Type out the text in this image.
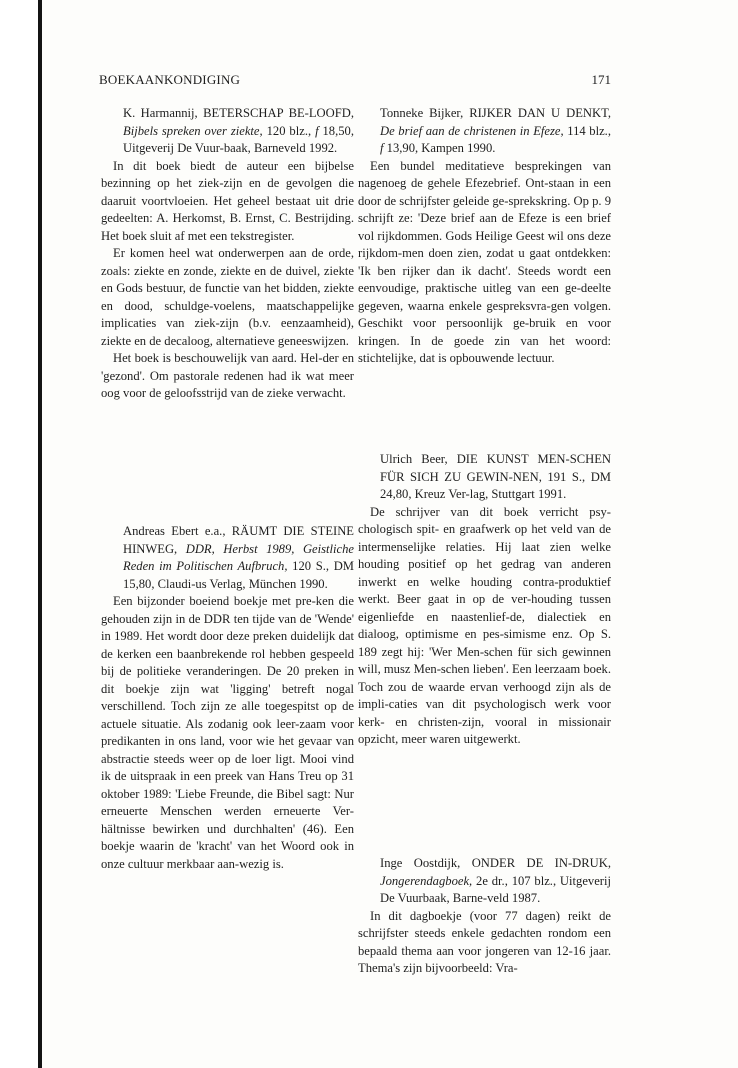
BOEKAANKONDIGING	171
K. Harmannij, BETERSCHAP BE-LOOFD, Bijbels spreken over ziekte, 120 blz., f 18,50, Uitgeverij De Vuur-baak, Barneveld 1992.

In dit boek biedt de auteur een bijbelse bezinning op het ziek-zijn en de gevolgen die daaruit voortvloeien. Het geheel bestaat uit drie gedeelten: A. Herkomst, B. Ernst, C. Bestrijding. Het boek sluit af met een tekstregister.

Er komen heel wat onderwerpen aan de orde, zoals: ziekte en zonde, ziekte en de duivel, ziekte en Gods bestuur, de functie van het bidden, ziekte en dood, schuldge-voelens, maatschappelijke implicaties van ziek-zijn (b.v. eenzaamheid), ziekte en de decaloog, alternatieve geneeswijzen.

Het boek is beschouwelijk van aard. Hel-der en 'gezond'. Om pastorale redenen had ik wat meer oog voor de geloofsstrijd van de zieke verwacht.

Andreas Ebert e.a., RÄUMT DIE STEINE HINWEG, DDR, Herbst 1989, Geistliche Reden im Politischen Aufbruch, 120 S., DM 15,80, Claudi-us Verlag, München 1990.

Een bijzonder boeiend boekje met pre-ken die gehouden zijn in de DDR ten tijde van de 'Wende' in 1989. Het wordt door deze preken duidelijk dat de kerken een baanbrekende rol hebben gespeeld bij de politieke veranderingen. De 20 preken in dit boekje zijn wat 'ligging' betreft nogal verschillend. Toch zijn ze alle toegespitst op de actuele situatie. Als zodanig ook leer-zaam voor predikanten in ons land, voor wie het gevaar van abstractie steeds weer op de loer ligt. Mooi vind ik de uitspraak in een preek van Hans Treu op 31 oktober 1989: 'Liebe Freunde, die Bibel sagt: Nur erneuerte Menschen werden erneuerte Ver-hältnisse bewirken und durchhalten' (46). Een boekje waarin de 'kracht' van het Woord ook in onze cultuur merkbaar aan-wezig is.

Tonneke Bijker, RIJKER DAN U DENKT, De brief aan de christenen in Efeze, 114 blz., f 13,90, Kampen 1990.

Een bundel meditatieve besprekingen van nagenoeg de gehele Efezebrief. Ont-staan in een door de schrijfster geleide ge-sprekskring. Op p. 9 schrijft ze: 'Deze brief aan de Efeze is een brief vol rijkdommen. Gods Heilige Geest wil ons deze rijkdom-men doen zien, zodat u gaat ontdekken: 'Ik ben rijker dan ik dacht'. Steeds wordt een eenvoudige, praktische uitleg van een ge-deelte gegeven, waarna enkele gespreksvra-gen volgen. Geschikt voor persoonlijk ge-bruik en voor kringen. In de goede zin van het woord: stichtelijke, dat is opbouwende lectuur.

Ulrich Beer, DIE KUNST MEN-SCHEN FÜR SICH ZU GEWIN-NEN, 191 S., DM 24,80, Kreuz Ver-lag, Stuttgart 1991.

De schrijver van dit boek verricht psy-chologisch spit- en graafwerk op het veld van de intermenselijke relaties. Hij laat zien welke houding positief op het gedrag van anderen inwerkt en welke houding contra-produktief werkt. Beer gaat in op de ver-houding tussen eigenliefde en naastenlief-de, dialectiek en dialoog, optimisme en pes-simisme enz. Op S. 189 zegt hij: 'Wer Men-schen für sich gewinnen will, musz Men-schen lieben'. Een leerzaam boek. Toch zou de waarde ervan verhoogd zijn als de impli-caties van dit psychologisch werk voor kerk- en christen-zijn, vooral in missionair opzicht, meer waren uitgewerkt.

Inge Oostdijk, ONDER DE IN-DRUK, Jongerendagboek, 2e dr., 107 blz., Uitgeverij De Vuurbaak, Barne-veld 1987.

In dit dagboekje (voor 77 dagen) reikt de schrijfster steeds enkele gedachten rondom een bepaald thema aan voor jongeren van 12-16 jaar. Thema's zijn bijvoorbeeld: Vra-
